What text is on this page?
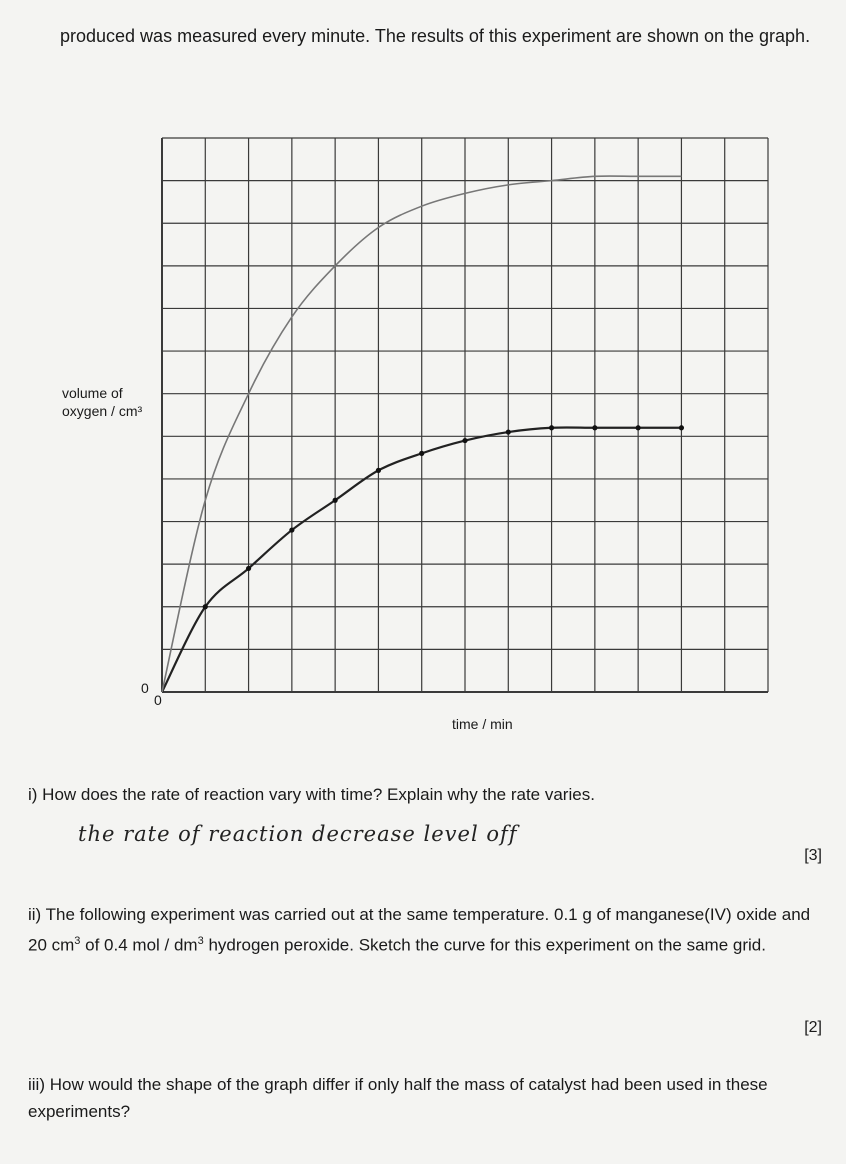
produced was measured every minute. The results of this experiment are shown on the graph.
volume of
oxygen / cm³
0
0
time / min
i) How does the rate of reaction vary with time? Explain why the rate varies.
the rate of reaction decrease level off
[3]
ii) The following experiment was carried out at the same temperature. 0.1 g of manganese(IV) oxide and 20 $cm^3$ of 0.4 mol / $dm^3$ hydrogen peroxide. Sketch the curve for this experiment on the same grid.
[2]
iii) How would the shape of the graph differ if only half the mass of catalyst had been used in these experiments?
